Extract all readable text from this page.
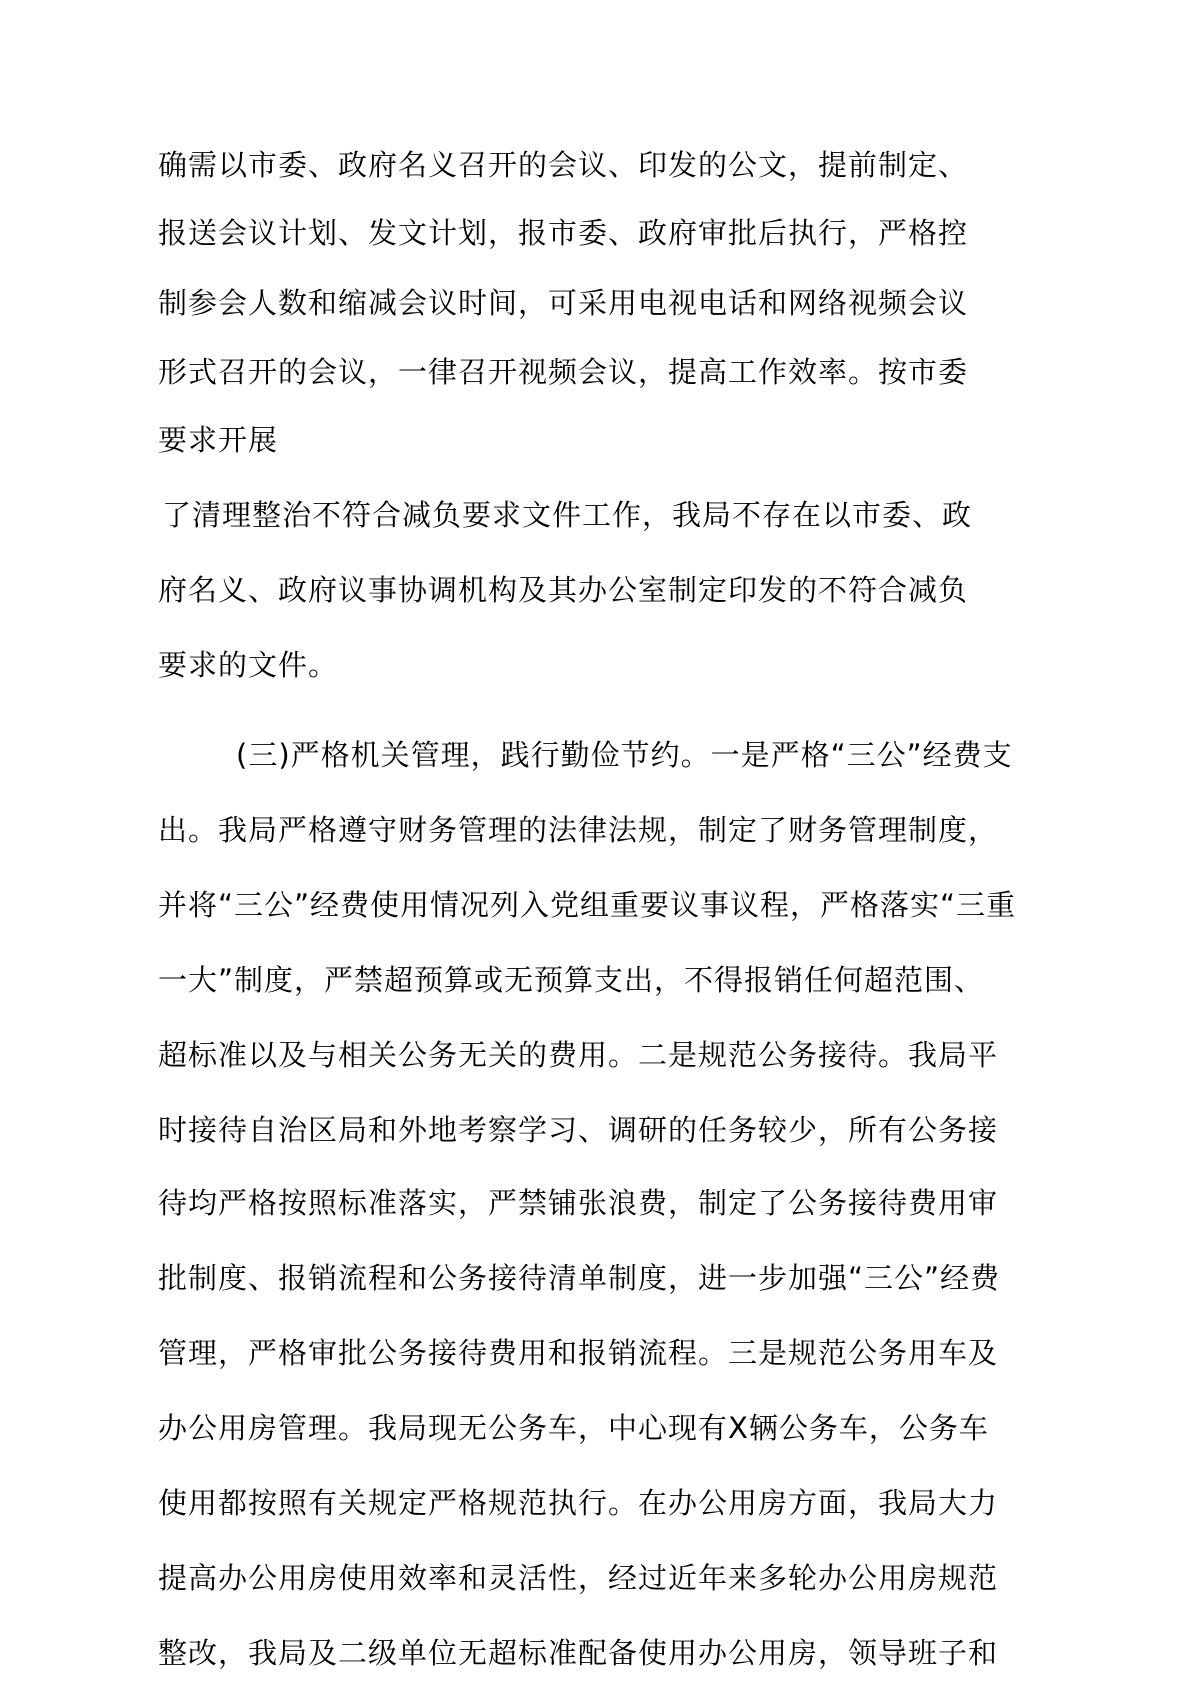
确需以市委、政府名义召开的会议、印发的公文，提前制定、

报送会议计划、发文计划，报市委、政府审批后执行，严格控

制参会人数和缩减会议时间，可采用电视电话和网络视频会议

形式召开的会议，一律召开视频会议，提高工作效率。按市委

要求开展

了清理整治不符合减负要求文件工作，我局不存在以市委、政

府名义、政府议事协调机构及其办公室制定印发的不符合减负

要求的文件。

(三)严格机关管理，践行勤俭节约。一是严格“三公”经费支

出。我局严格遵守财务管理的法律法规，制定了财务管理制度，

并将“三公”经费使用情况列入党组重要议事议程，严格落实“三重

一大”制度，严禁超预算或无预算支出，不得报销任何超范围、

超标准以及与相关公务无关的费用。二是规范公务接待。我局平

时接待自治区局和外地考察学习、调研的任务较少，所有公务接

待均严格按照标准落实，严禁铺张浪费，制定了公务接待费用审

批制度、报销流程和公务接待清单制度，进一步加强“三公”经费

管理，严格审批公务接待费用和报销流程。三是规范公务用车及

办公用房管理。我局现无公务车，中心现有X辆公务车，公务车

使用都按照有关规定严格规范执行。在办公用房方面，我局大力

提高办公用房使用效率和灵活性，经过近年来多轮办公用房规范

整改，我局及二级单位无超标准配备使用办公用房，领导班子和
